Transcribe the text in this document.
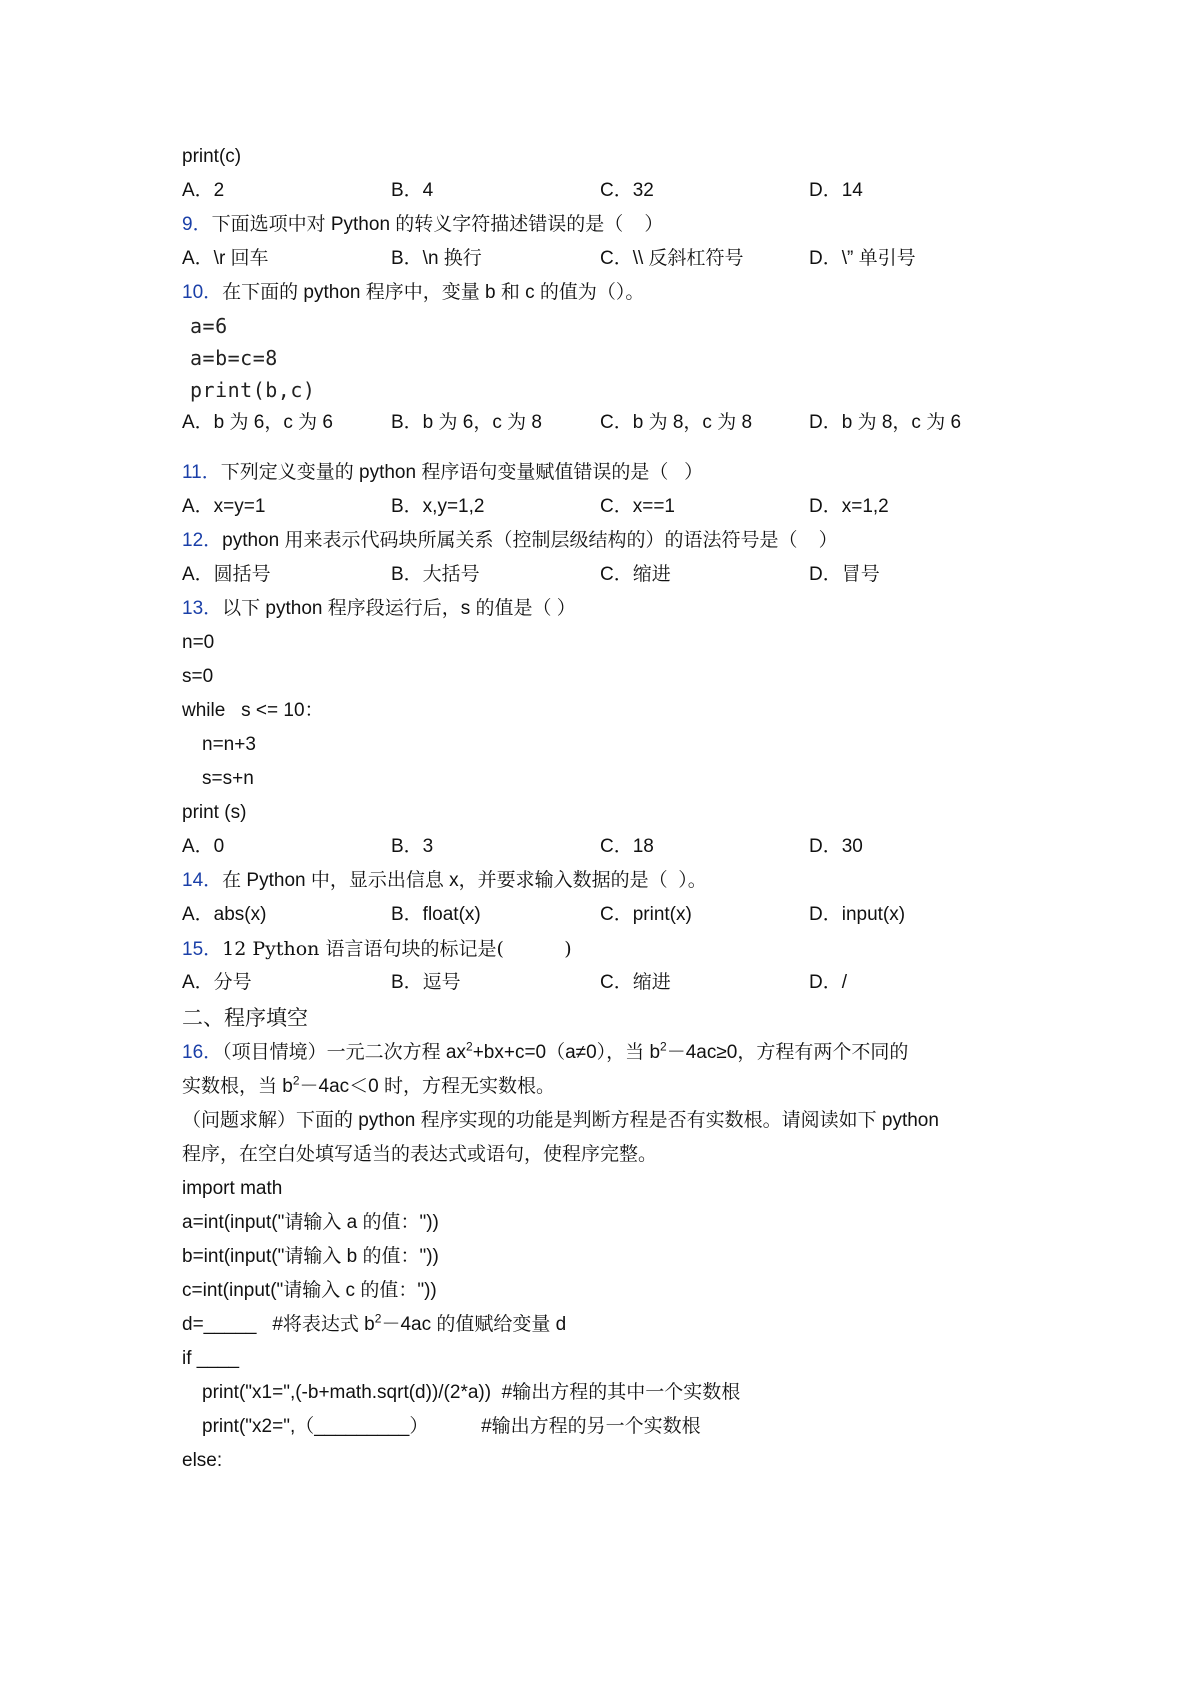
print(c)
A．2	B．4	C．32	D．14
9．下面选项中对 Python 的转义字符描述错误的是（    ）
A．\r 回车	B．\n 换行	C．\\ 反斜杠符号	D．\” 单引号
10．在下面的 python 程序中，变量 b 和 c 的值为（）。
a=6
a=b=c=8
print(b,c)
A．b 为 6，c 为 6	B．b 为 6，c 为 8	C．b 为 8，c 为 8	D．b 为 8，c 为 6
11．下列定义变量的 python 程序语句变量赋值错误的是（   ）
A．x=y=1	B．x,y=1,2	C．x==1	D．x=1,2
12．python 用来表示代码块所属关系（控制层级结构的）的语法符号是（    ）
A．圆括号	B．大括号	C．缩进	D．冒号
13．以下 python 程序段运行后，s 的值是（ ）
n=0
s=0
while   s <= 10：
n=n+3
s=s+n
print (s)
A．0	B．3	C．18	D．30
14．在 Python 中，显示出信息 x，并要求输入数据的是（  ）。
A．abs(x)	B．float(x)	C．print(x)	D．input(x)
15．12 Python 语言语句块的标记是(          )
A．分号	B．逗号	C．缩进	D．/
二、程序填空
16．（项目情境）一元二次方程 $ax^2+bx+c=0(a\ne 0)$，当 $b^2-4ac\ge 0$，方程有两个不同的
实数根，当 $b^2-4ac<0$ 时，方程无实数根。
（问题求解）下面的 python 程序实现的功能是判断方程是否有实数根。请阅读如下 python
程序，在空白处填写适当的表达式或语句，使程序完整。
import math
a=int(input("请输入 a 的值："))
b=int(input("请输入 b 的值："))
c=int(input("请输入 c 的值："))
d=_____   #将表达式 $b^2-4ac$ 的值赋给变量 d
if ____
print("x1=",(-b+math.sqrt(d))/(2*a))  #输出方程的其中一个实数根
print("x2=",（_________）          #输出方程的另一个实数根
else:
